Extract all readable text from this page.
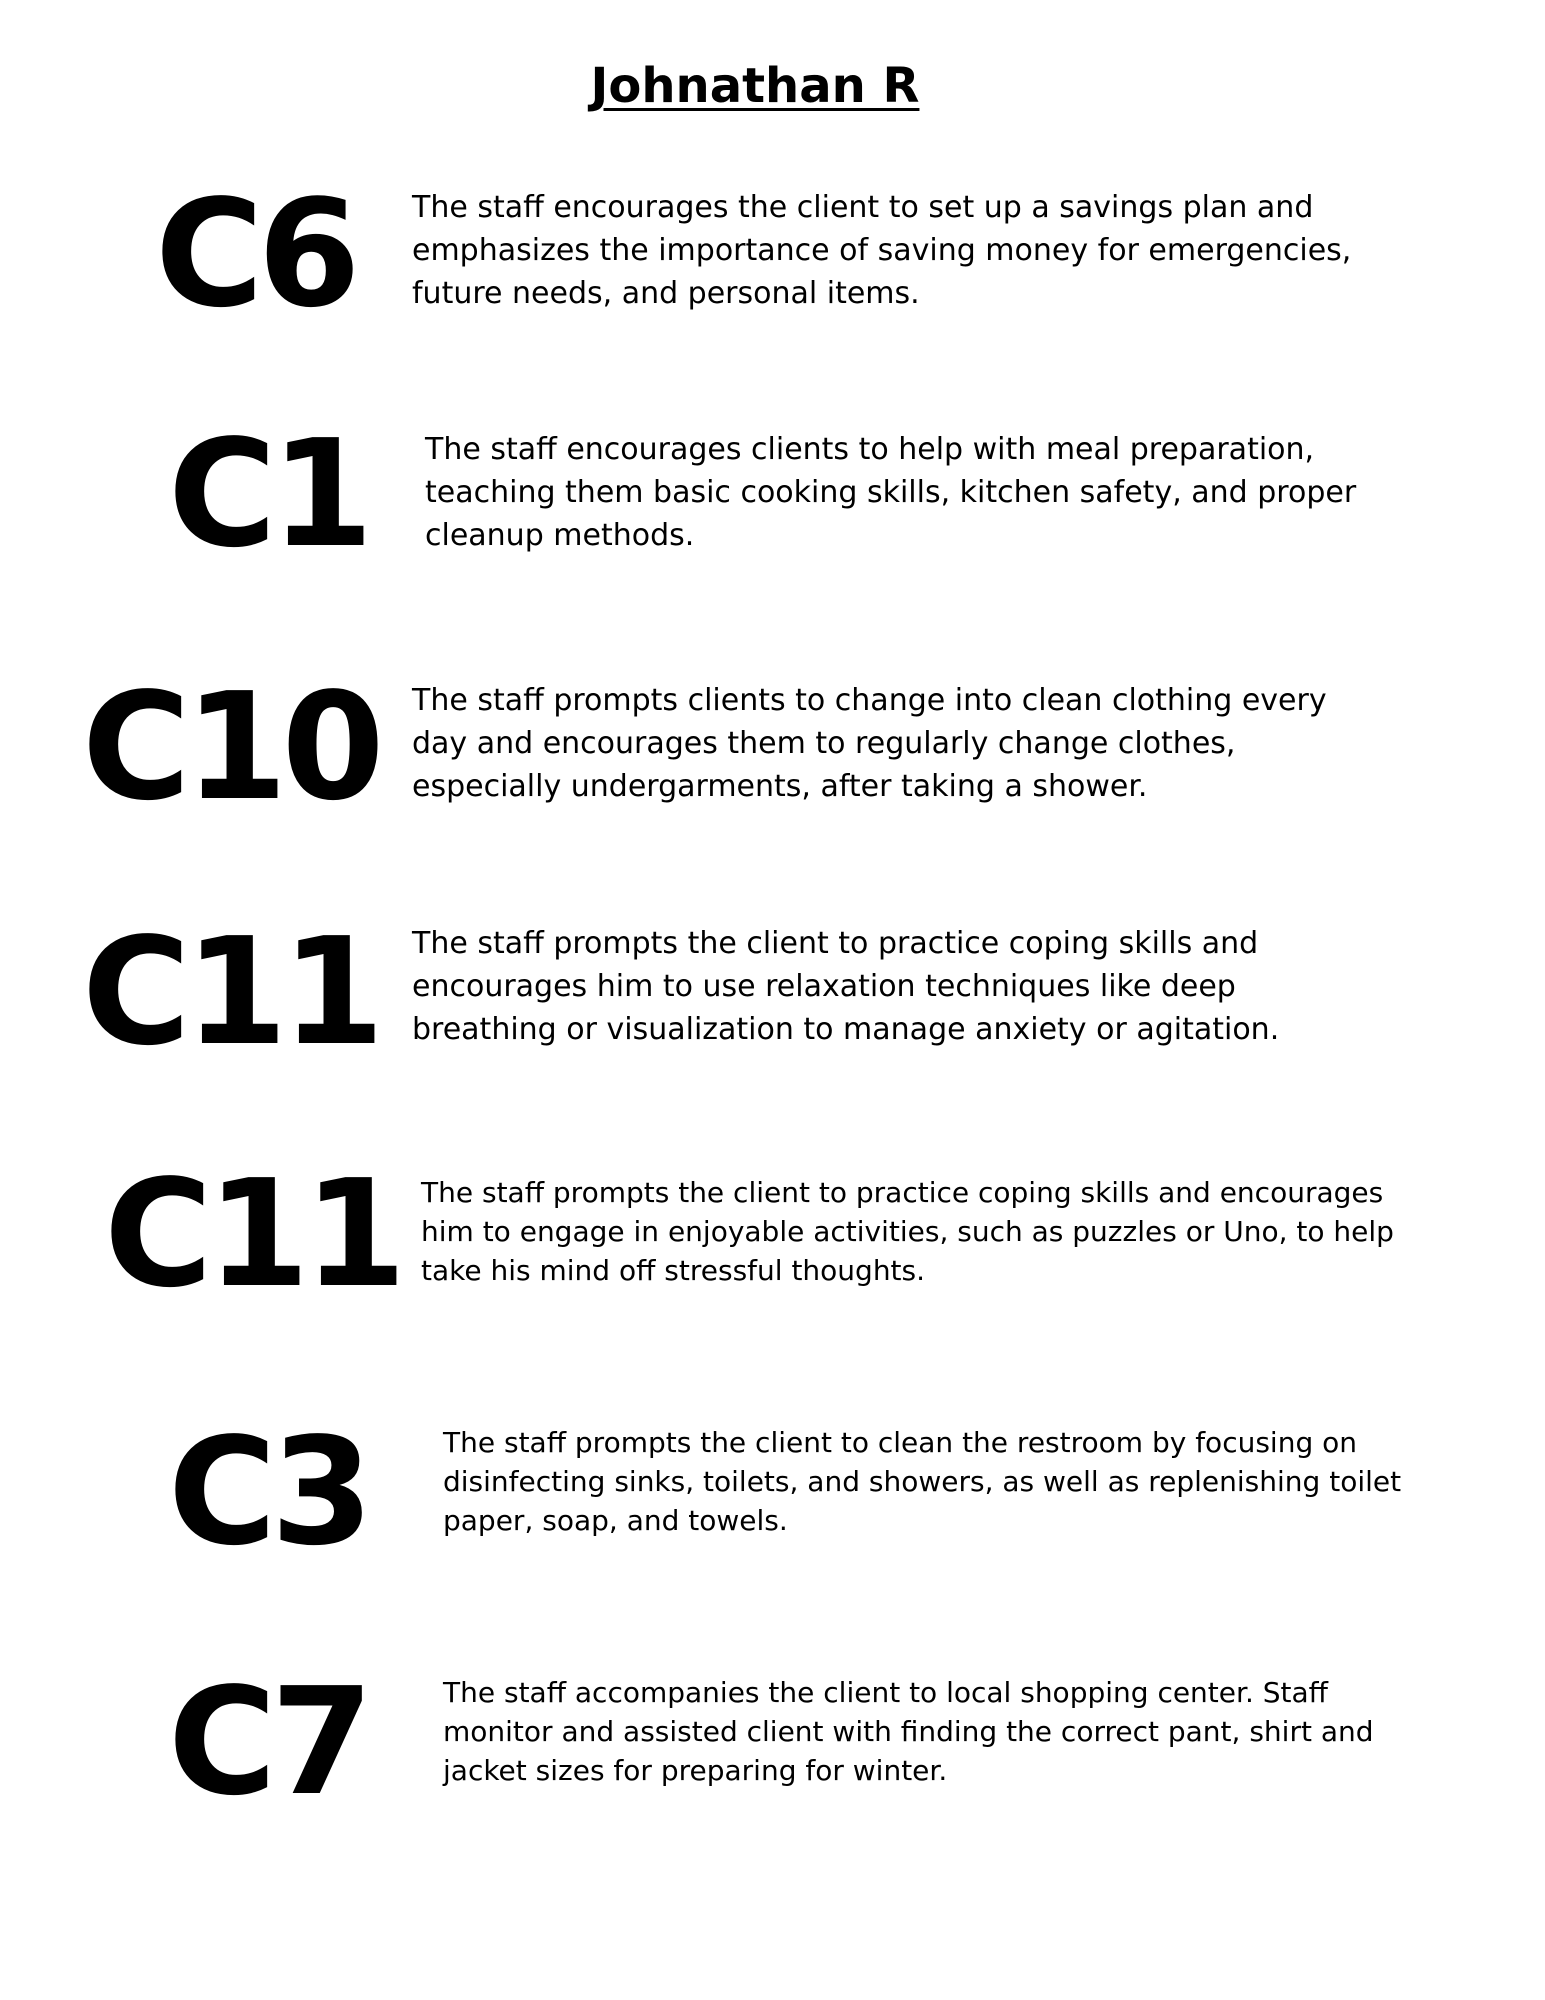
Johnathan R
C6 The staff encourages the client to set up a savings plan and
emphasizes the importance of saving money for emergencies,
future needs, and personal items.
C1 The staff encourages clients to help with meal preparation,
teaching them basic cooking skills, kitchen safety, and proper
cleanup methods.
C10 The staff prompts clients to change into clean clothing every
day and encourages them to regularly change clothes,
especially undergarments, after taking a shower.
C11 The staff prompts the client to practice coping skills and
encourages him to use relaxation techniques like deep
breathing or visualization to manage anxiety or agitation.
C11 The staff prompts the client to practice coping skills and encourages
him to engage in enjoyable activities, such as puzzles or Uno, to help
take his mind off stressful thoughts.
C3	The staff prompts the client to clean the restroom by focusing on
disinfecting sinks, toilets, and showers, as well as replenishing toilet
paper, soap, and towels.
C7	The staff accompanies the client to local shopping center. Staff
monitor and assisted client with finding the correct pant, shirt and
jacket sizes for preparing for winter.
